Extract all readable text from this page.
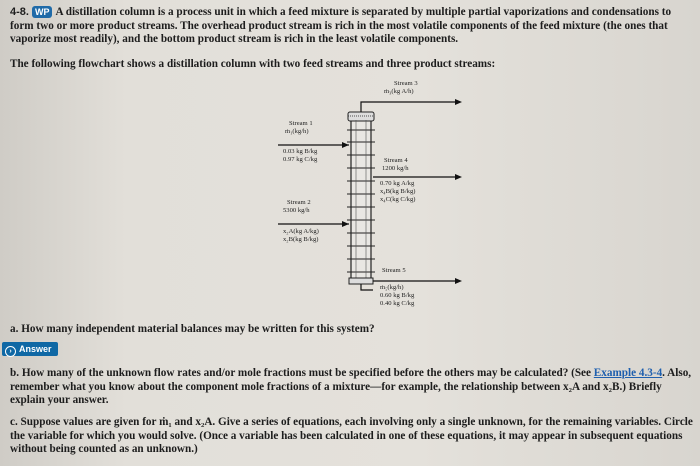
4-8. WP A distillation column is a process unit in which a feed mixture is separated by multiple partial vaporizations and condensations to form two or more product streams. The overhead product stream is rich in the most volatile components of the feed mixture (the ones that vaporize most readily), and the bottom product stream is rich in the least volatile components.
The following flowchart shows a distillation column with two feed streams and three product streams:
Stream 3
ṁ₃(kg A/h)
Stream 1
ṁ₁(kg/h)
0.03 kg B/kg
0.97 kg C/kg	Stream 4
1200 kg/h
0.70 kg A/kg
x₄B(kg B/kg)
x₄C(kg C/kg)
Stream 2
5300 kg/h
x₂A(kg A/kg)
x₂B(kg B/kg)
Stream 5
ṁ₅(kg/h)
0.60 kg B/kg
0.40 kg C/kg
a. How many independent material balances may be written for this system?
› Answer
b. How many of the unknown flow rates and/or mole fractions must be specified before the others may be calculated? (See Example 4.3-4. Also, remember what you know about the component mole fractions of a mixture—for example, the relationship between x₂A and x₂B.) Briefly explain your answer.
c. Suppose values are given for ṁ₁ and x₂A. Give a series of equations, each involving only a single unknown, for the remaining variables. Circle the variable for which you would solve. (Once a variable has been calculated in one of these equations, it may appear in subsequent equations without being counted as an unknown.)
